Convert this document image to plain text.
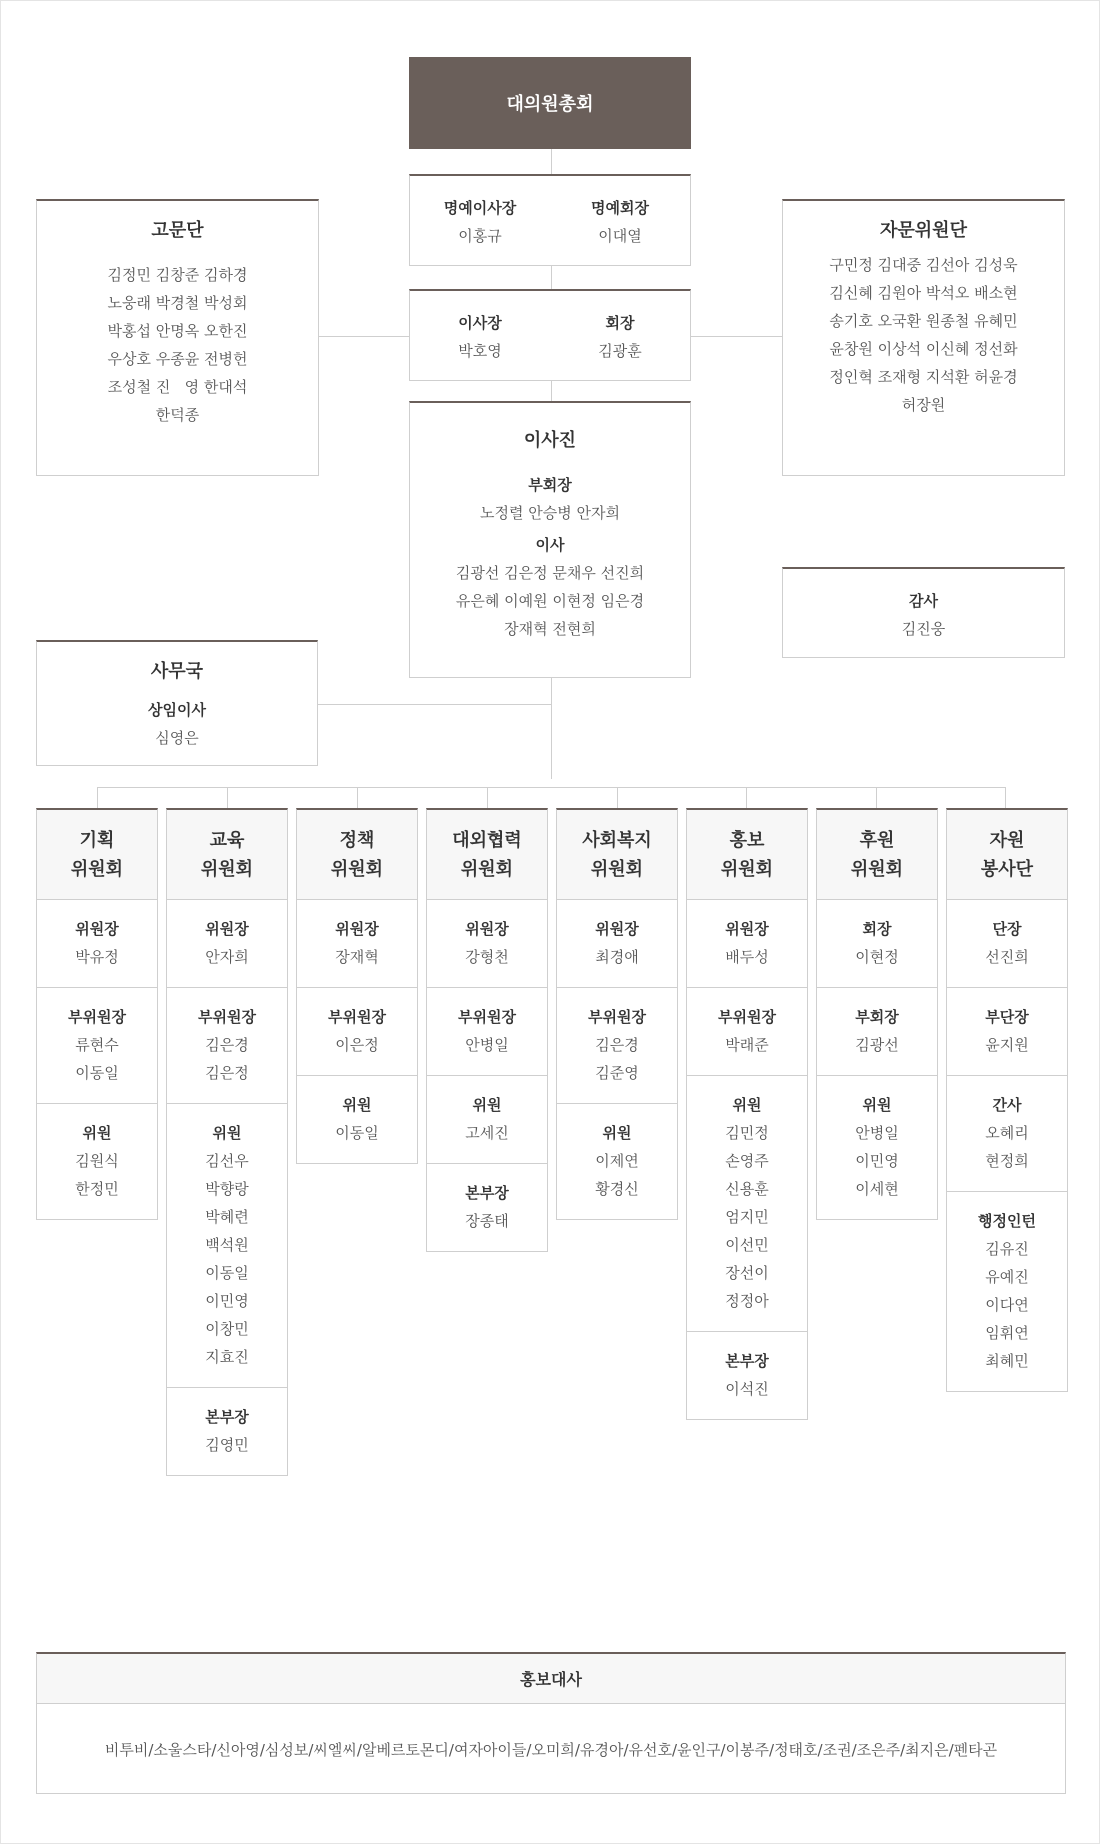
대의원총회
명예이사장
이홍규
명예회장
이대열
이사장
박호영
회장
김광훈
고문단
김정민 김창준 김하경
노웅래 박경철 박성회
박홍섭 안명옥 오한진
우상호 우종윤 전병헌
조성철 진   영 한대석
한덕종
자문위원단
구민정 김대중 김선아 김성욱
김신혜 김원아 박석오 배소현
송기호 오국환 원종철 유혜민
윤창원 이상석 이신혜 정선화
정인혁 조재형 지석환 허윤경
허장원
이사진
부회장
노정렬 안승병 안자희
이사
김광선 김은정 문채우 선진희
유은혜 이예원 이현정 임은경
장재혁 전현희
감사
김진웅
사무국
상임이사
심영은
기획
위원회
위원장
박유정
부위원장
류현수
이동일
위원
김원식
한정민
교육
위원회
위원장
안자희
부위원장
김은경
김은정
위원
김선우
박향랑
박혜련
백석원
이동일
이민영
이창민
지효진
본부장
김영민
정책
위원회
위원장
장재혁
부위원장
이은정
위원
이동일
대외협력
위원회
위원장
강형천
부위원장
안병일
위원
고세진
본부장
장종태
사회복지
위원회
위원장
최경애
부위원장
김은경
김준영
위원
이제연
황경신
홍보
위원회
위원장
배두성
부위원장
박래준
위원
김민정
손영주
신용훈
엄지민
이선민
장선이
정정아
본부장
이석진
후원
위원회
회장
이현정
부회장
김광선
위원
안병일
이민영
이세현
자원
봉사단
단장
선진희
부단장
윤지원
간사
오혜리
현정희
행정인턴
김유진
유예진
이다연
임휘연
최혜민
홍보대사
비투비/소울스타/신아영/심성보/씨엘씨/알베르토몬디/여자아이들/오미희/유경아/유선호/윤인구/이봉주/정태호/조권/조은주/최지은/펜타곤
